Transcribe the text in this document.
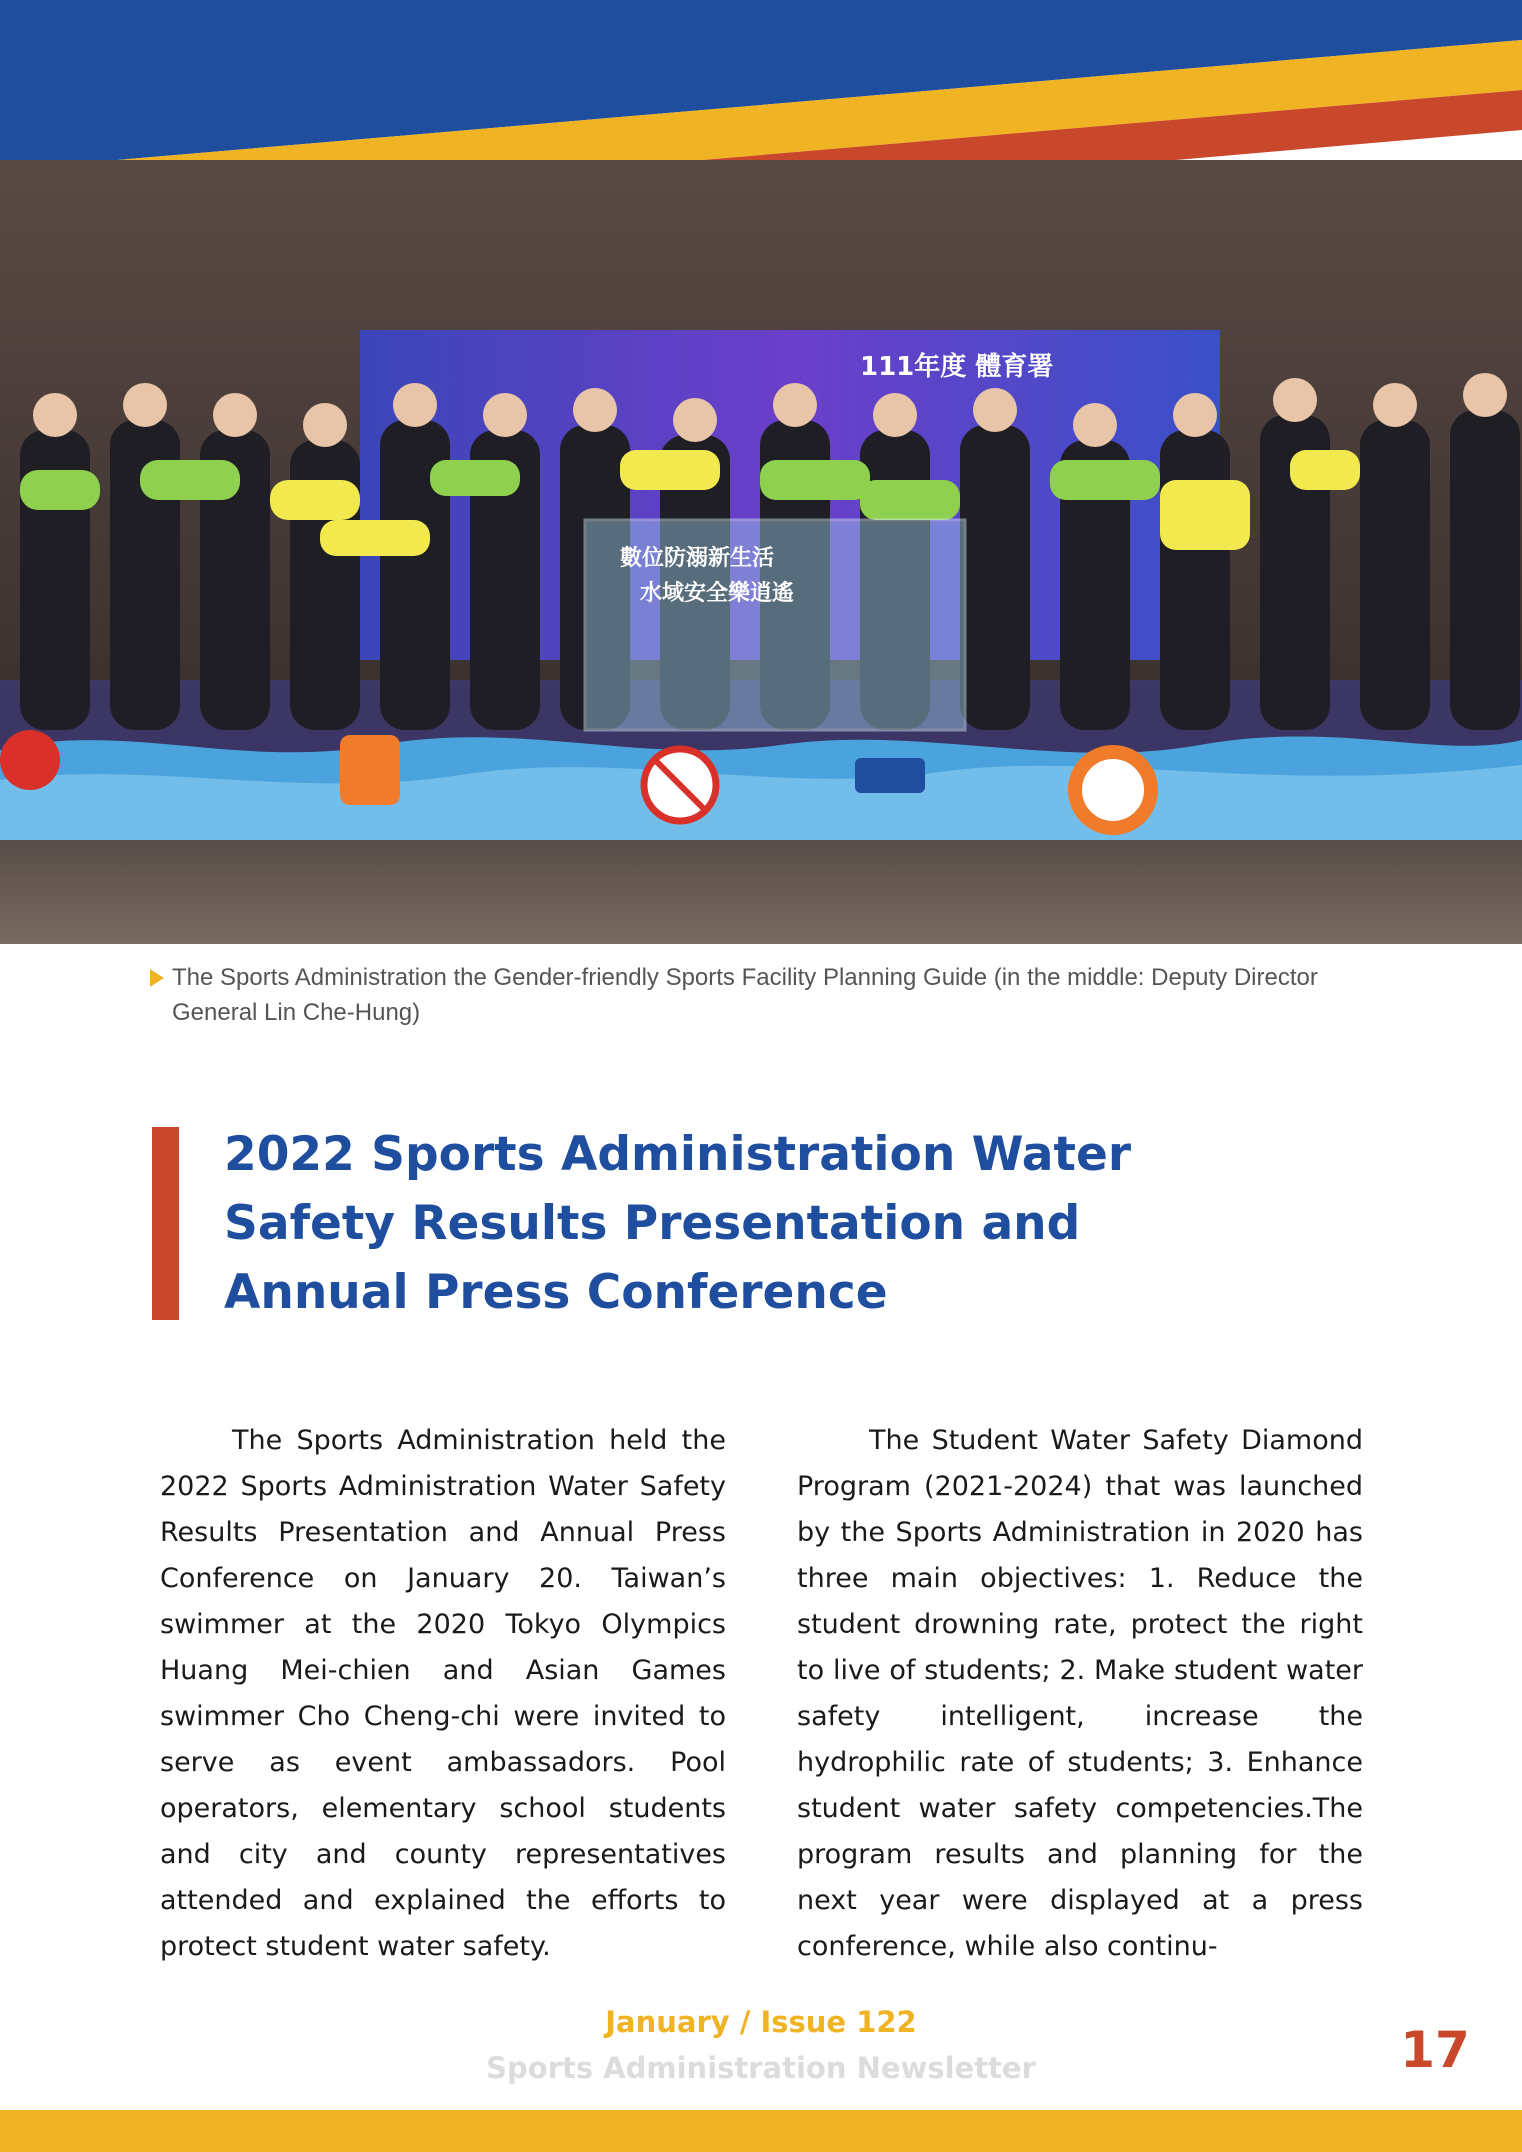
數位防溺新生活
水域安全樂逍遙
111年度 體育署
The Sports Administration the Gender-friendly Sports Facility Planning Guide (in the middle: Deputy Director General Lin Che-Hung)
2022 Sports Administration Water
Safety Results Presentation and
Annual Press Conference

The Sports Administration held the 2022 Sports Administration Water Safety Results Presentation and Annual Press Conference on January 20. Taiwan’s swimmer at the 2020 Tokyo Olympics Huang Mei-chien and Asian Games swimmer Cho Cheng-chi were invited to serve as event ambassadors. Pool operators, elementary school students and city and county representatives attended and explained the efforts to protect student water safety.

The Student Water Safety Diamond Program (2021-2024) that was launched by the Sports Administration in 2020 has three main objectives: 1. Reduce the student drowning rate, protect the right to live of students; 2. Make student water safety intelligent, increase the hydrophilic rate of students; 3. Enhance student water safety competencies.The program results and planning for the next year were displayed at a press conference, while also continu-

January / Issue 122
Sports Administration Newsletter	17
